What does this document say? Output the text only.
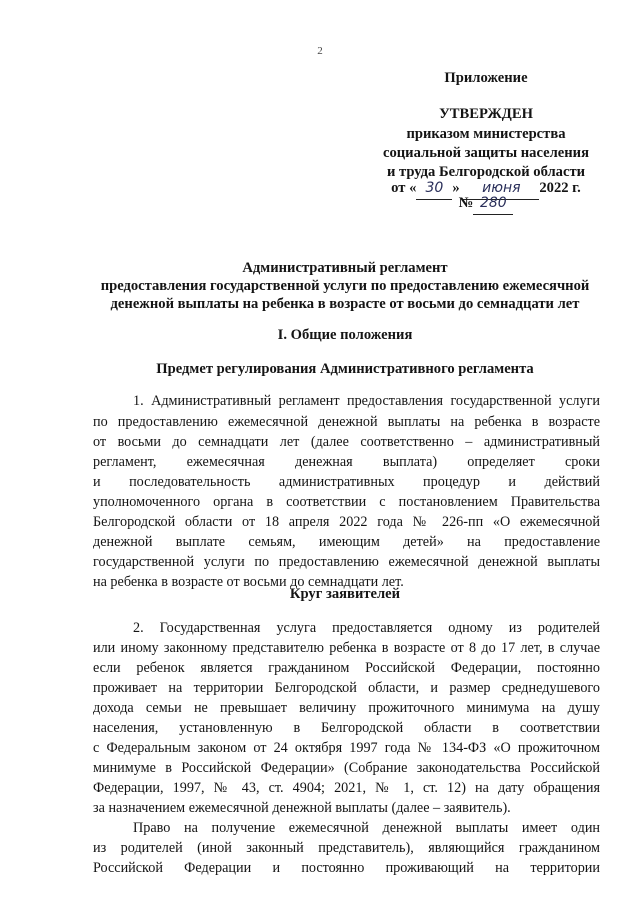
2
Приложение
УТВЕРЖДЕН
приказом министерства
социальной защиты населения
и труда Белгородской области
от « 30 » июня 2022 г.
№ 280
Административный регламент
предоставления государственной услуги по предоставлению ежемесячной
денежной выплаты на ребенка в возрасте от восьми до семнадцати лет
I. Общие положения
Предмет регулирования Административного регламента
1. Административный регламент предоставления государственной услуги
по предоставлению ежемесячной денежной выплаты на ребенка в возрасте
от восьми до семнадцати лет (далее соответственно – административный
регламент, ежемесячная денежная выплата) определяет сроки
и последовательность административных процедур и действий
уполномоченного органа в соответствии с постановлением Правительства
Белгородской области от 18 апреля 2022 года № 226-пп «О ежемесячной
денежной выплате семьям, имеющим детей» на предоставление
государственной услуги по предоставлению ежемесячной денежной выплаты
на ребенка в возрасте от восьми до семнадцати лет.
Круг заявителей
2. Государственная услуга предоставляется одному из родителей
или иному законному представителю ребенка в возрасте от 8 до 17 лет, в случае
если ребенок является гражданином Российской Федерации, постоянно
проживает на территории Белгородской области, и размер среднедушевого
дохода семьи не превышает величину прожиточного минимума на душу
населения, установленную в Белгородской области в соответствии
с Федеральным законом от 24 октября 1997 года № 134-ФЗ «О прожиточном
минимуме в Российской Федерации» (Собрание законодательства Российской
Федерации, 1997, № 43, ст. 4904; 2021, № 1, ст. 12) на дату обращения
за назначением ежемесячной денежной выплаты (далее – заявитель).
Право на получение ежемесячной денежной выплаты имеет один
из родителей (иной законный представитель), являющийся гражданином
Российской Федерации и постоянно проживающий на территории
